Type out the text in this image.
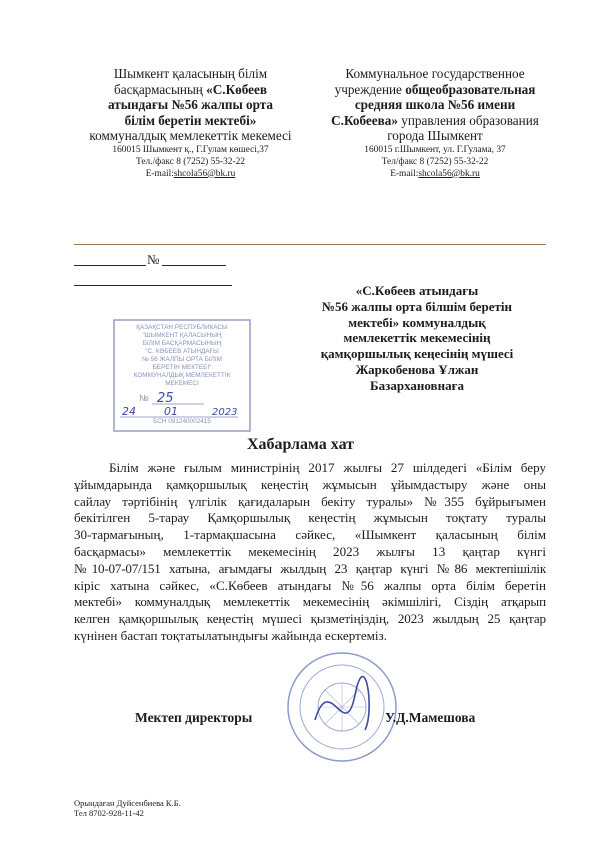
Шымкент қаласының білім
басқармасының «С.Көбеев
атындағы №56 жалпы орта
білім беретін мектебі»
коммуналдық мемлекеттік мекемесі
160015 Шымкент қ., Г.Гулам көшесі,37
Тел./факс 8 (7252) 55-32-22
E-mail:shcola56@bk.ru
Коммунальное государственное
учреждение общеобразовательная
средняя школа №56 имени
С.Кобеева» управления образования
города Шымкент
160015 г.Шымкент, ул. Г.Гулама, 37
Тел/факс 8 (7252) 55-32-22
E-mail:shcola56@bk.ru
№
«С.Көбеев атындағы
№56 жалпы орта білшім беретін
мектебі» коммуналдық
мемлекеттік мекемесінің
қамқоршылық кеңесінің мүшесі
Жаркобенова Ұлжан
Базархановнаға
ҚАЗАҚСТАН РЕСПУБЛИКАСЫ
"ШЫМКЕНТ ҚАЛАСЫНЫҢ
БІЛІМ БАСҚАРМАСЫНЫҢ
"С. КӨБЕЕВ АТЫНДАҒЫ
№ 56 ЖАЛПЫ ОРТА БІЛІМ
БЕРЕТІН МЕКТЕБІ"
КОММУНАЛДЫҚ МЕМЛЕКЕТТІК
МЕКЕМЕСІ
№
БСН 091240002415
25
24	01	2023
Хабарлама хат
Білім және ғылым министрінің 2017 жылғы 27 шілдедегі «Білім беру
ұйымдарында қамқоршылық кеңестің жұмысын ұйымдастыру және оны
сайлау тәртібінің үлгілік қағидаларын бекіту туралы» №355 бұйрығымен
бекітілген 5-тарау Қамқоршылық кеңестің жұмысын тоқтату туралы
30-тармағының, 1-тармақшасына сәйкес, «Шымкент қаласының білім
басқармасы» мемлекеттік мекемесінің 2023 жылғы 13 қаңтар күнгі
№10-07-07/151 хатына, ағымдағы жылдың 23 қаңтар күнгі №86 мектепішілік
кіріс хатына сәйкес, «С.Көбеев атындағы №56 жалпы орта білім беретін
мектебі» коммуналдық мемлекеттік мекемесінің әкімшілігі, Сіздің атқарып
келген қамқоршылық кеңестің мүшесі қызметіңіздің, 2023 жылдың 25 қаңтар
күнінен бастап тоқтатылатындығы жайында ескертеміз.
Мектеп директоры	У.Д.Мамешова
Орындаған Дуйсенбиева К.Б.
Тел 8702-928-11-42
